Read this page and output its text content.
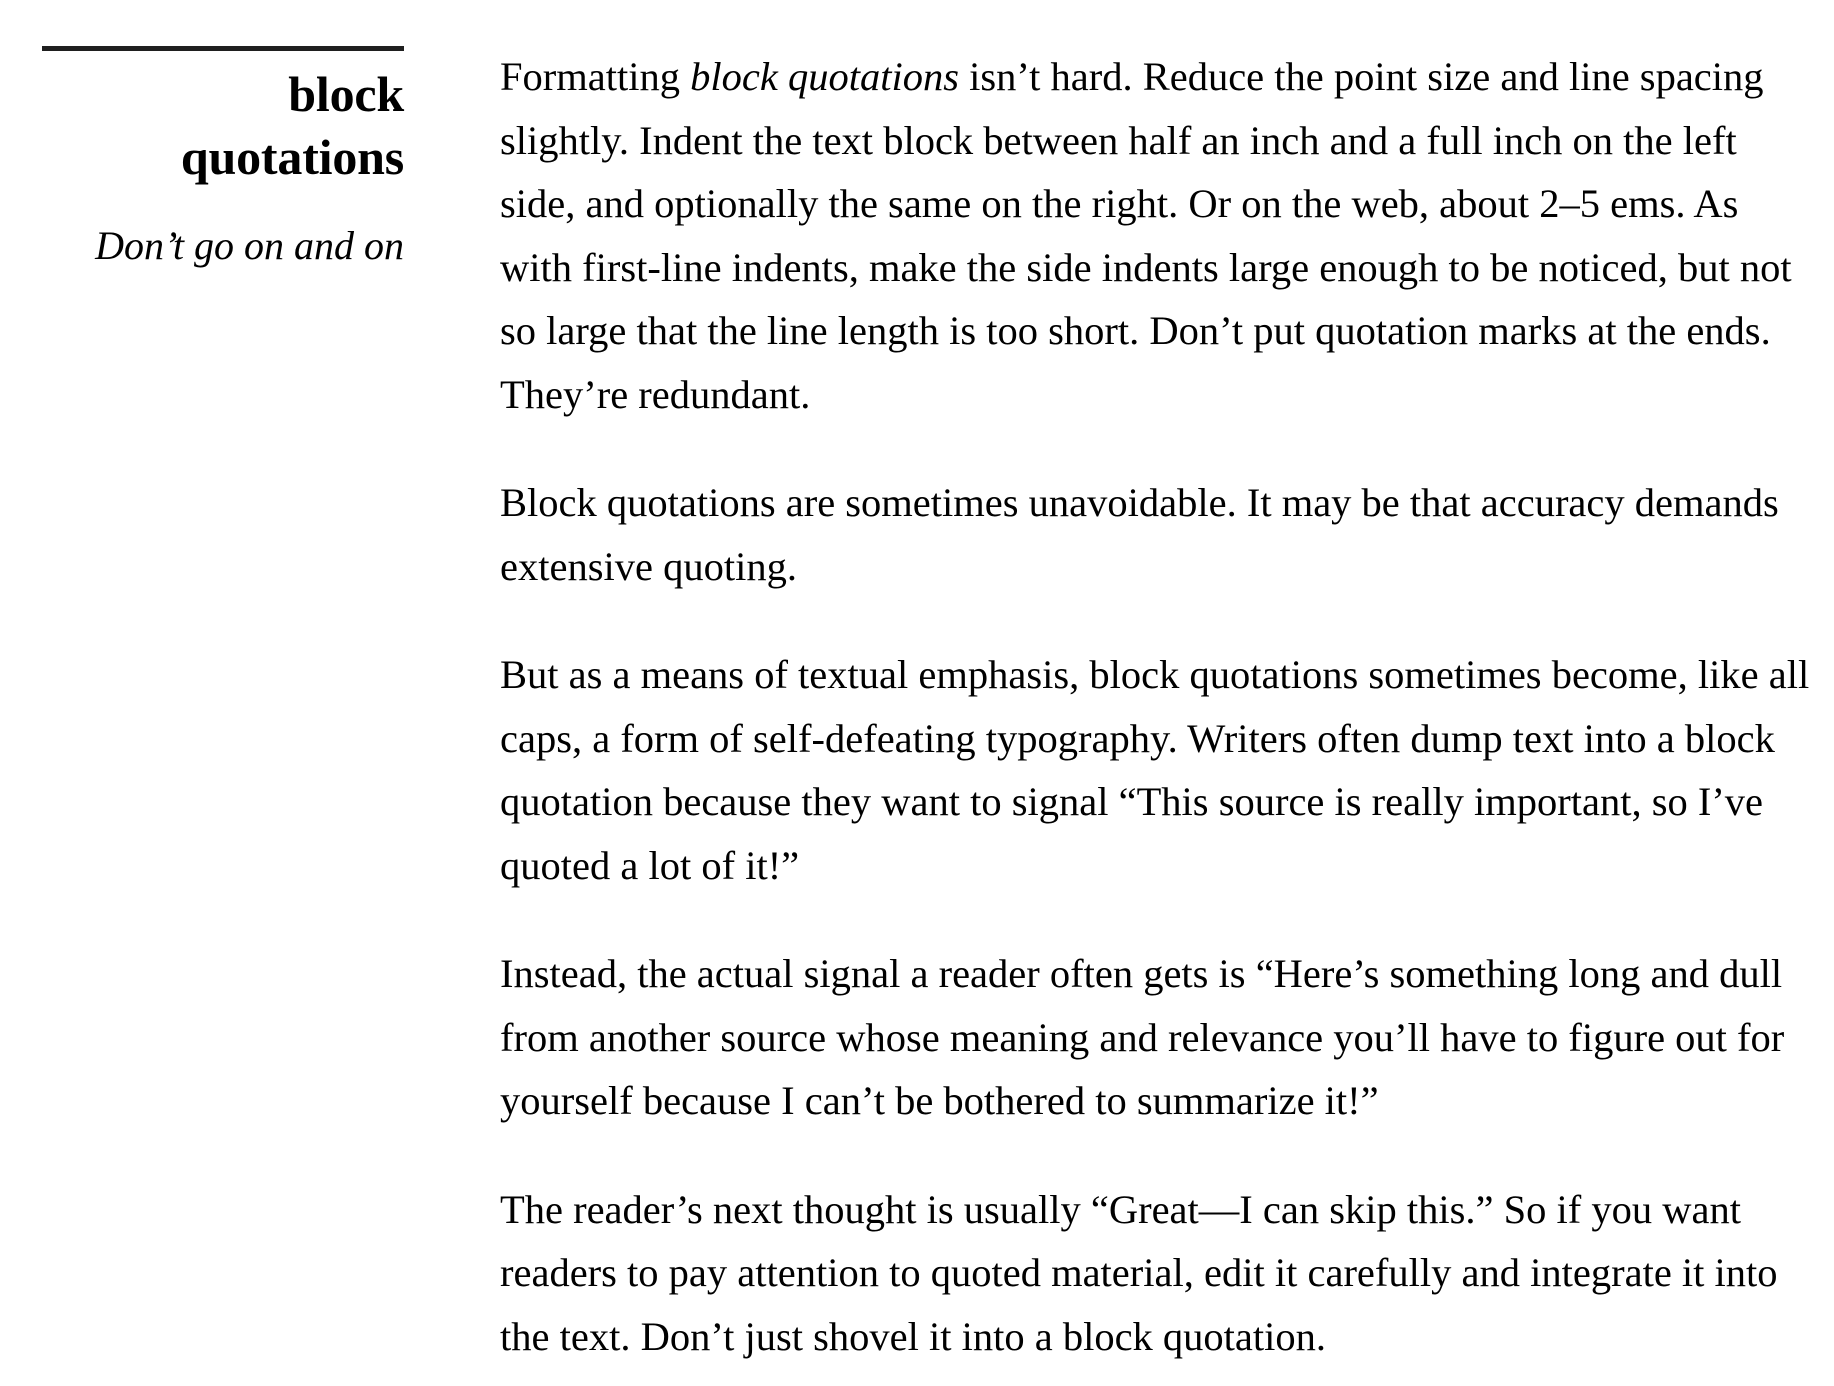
block
quotations
Don’t go on and on

Formatting block quotations isn’t hard. Reduce the point size and line spacing slightly. Indent the text block between half an inch and a full inch on the left side, and optionally the same on the right. Or on the web, about 2–5 ems. As with first-line indents, make the side indents large enough to be noticed, but not so large that the line length is too short. Don’t put quotation marks at the ends. They’re redundant.

Block quotations are sometimes unavoidable. It may be that accuracy demands extensive quoting.

But as a means of textual emphasis, block quotations sometimes become, like all caps, a form of self-defeating typography. Writers often dump text into a block quotation because they want to signal “This source is really important, so I’ve quoted a lot of it!”

Instead, the actual signal a reader often gets is “Here’s something long and dull from another source whose meaning and relevance you’ll have to figure out for yourself because I can’t be bothered to summarize it!”

The reader’s next thought is usually “Great—I can skip this.” So if you want readers to pay attention to quoted material, edit it carefully and integrate it into the text. Don’t just shovel it into a block quotation.
